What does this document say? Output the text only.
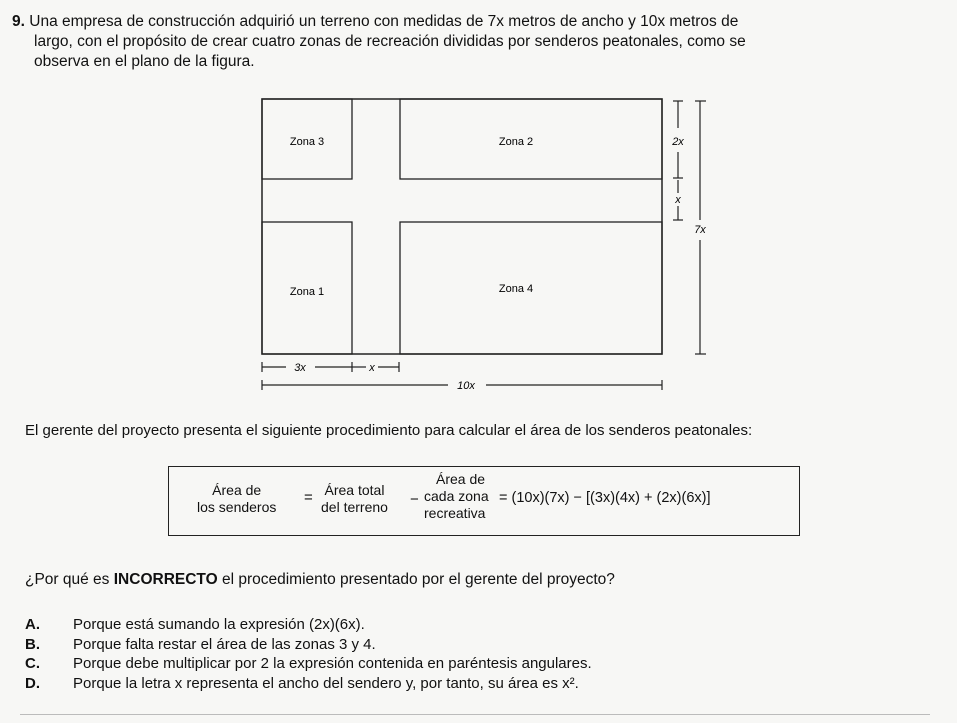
9. Una empresa de construcción adquirió un terreno con medidas de 7x metros de ancho y 10x metros de
largo, con el propósito de crear cuatro zonas de recreación divididas por senderos peatonales, como se
observa en el plano de la figura.
Zona 3	Zona 2
Zona 1	Zona 4
2x
x
7x
3x	x
10x
El gerente del proyecto presenta el siguiente procedimiento para calcular el área de los senderos peatonales:
Área de
los senderos
= Área total
del terreno −
Área de
cada zona
recreativa
= (10x)(7x) − [(3x)(4x) + (2x)(6x)]
¿Por qué es INCORRECTO el procedimiento presentado por el gerente del proyecto?
A.	Porque está sumando la expresión (2x)(6x).
B.	Porque falta restar el área de las zonas 3 y 4.
C.	Porque debe multiplicar por 2 la expresión contenida en paréntesis angulares.
D.	Porque la letra x representa el ancho del sendero y, por tanto, su área es x².
